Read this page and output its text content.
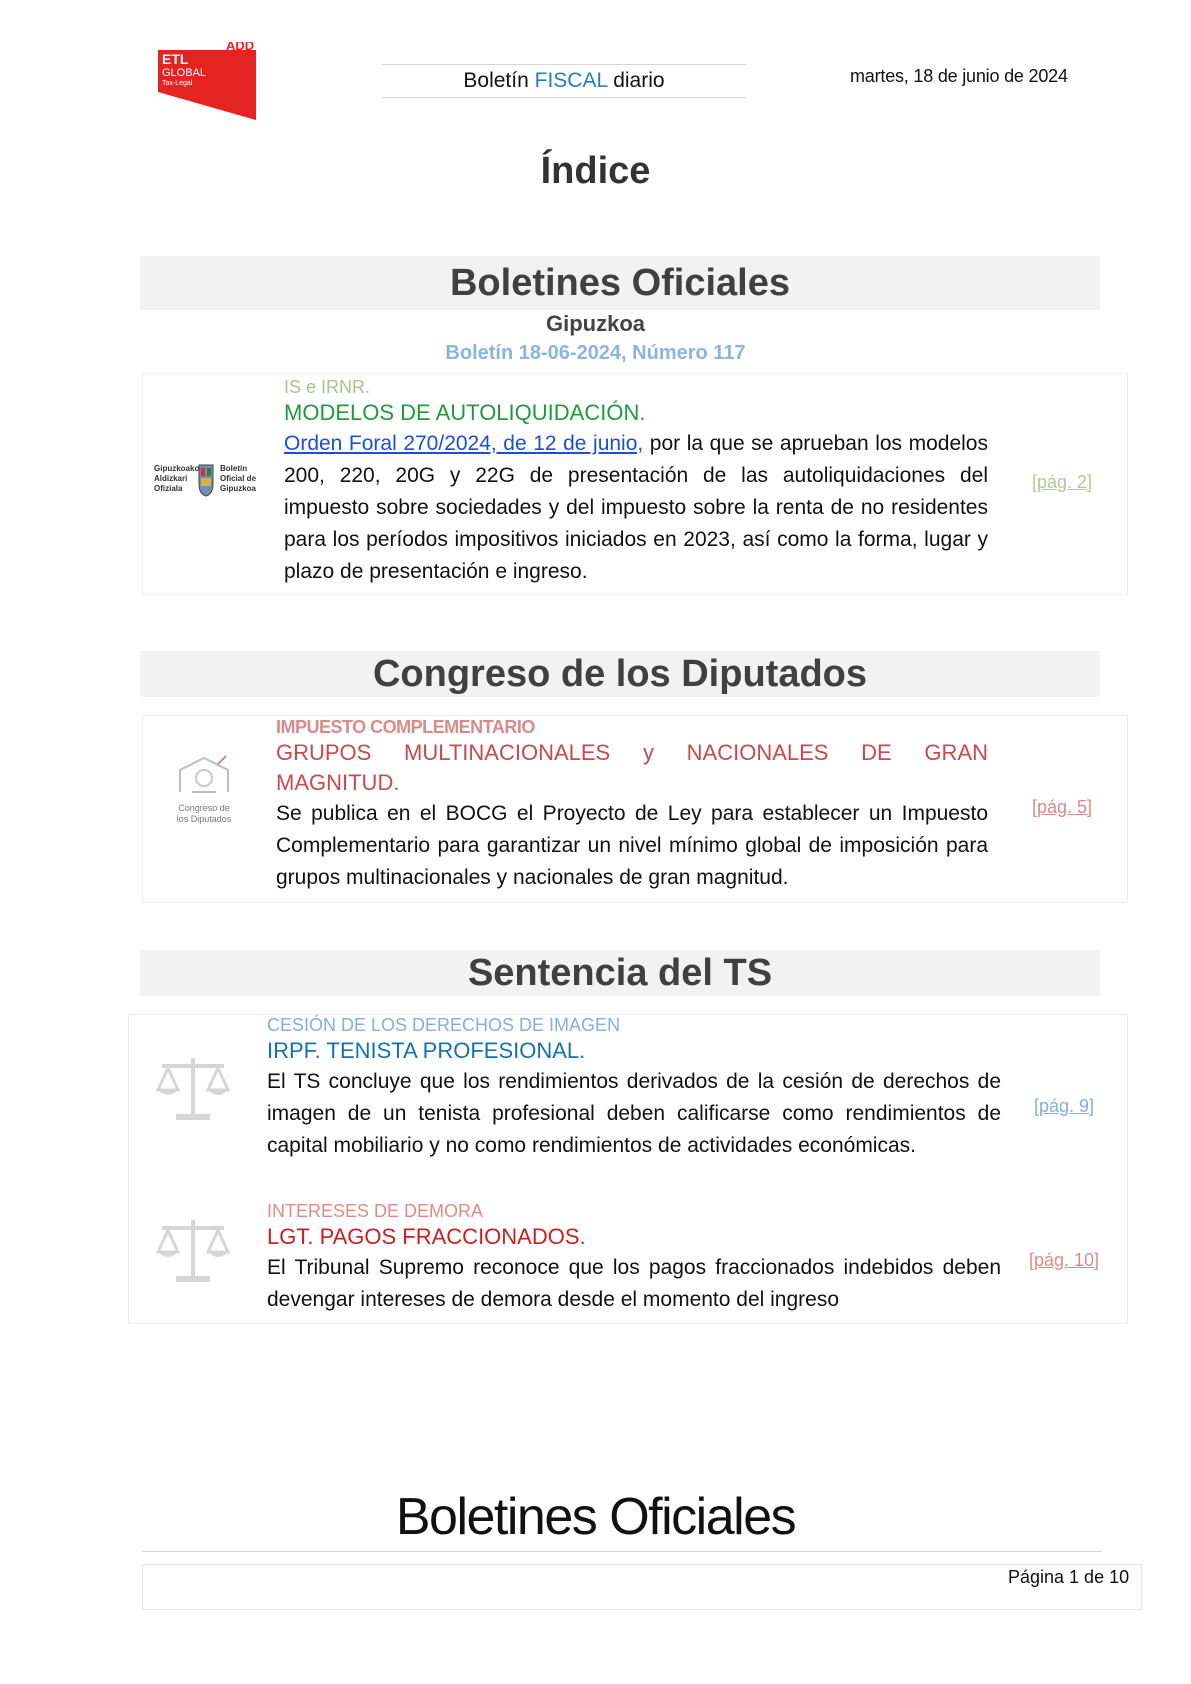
ADD
ETL
GLOBAL
Tax-Legal	Boletín FISCAL diario	martes, 18 de junio de 2024
Índice
Boletines Oficiales
Gipuzkoa
Boletín 18-06-2024, Número 117
Gipuzkoako
Aldizkari
Ofiziala
Boletín
Oficial de
Gipuzkoa
IS e IRNR.
MODELOS DE AUTOLIQUIDACIÓN.
Orden Foral 270/2024, de 12 de junio, por la que se aprueban los modelos 200, 220, 20G y 22G de presentación de las autoliquidaciones del impuesto sobre sociedades y del impuesto sobre la renta de no residentes para los períodos impositivos iniciados en 2023, así como la forma, lugar y plazo de presentación e ingreso.
[pág. 2]
Congreso de los Diputados
Congreso de
los Diputados
IMPUESTO COMPLEMENTARIO
GRUPOS MULTINACIONALES y NACIONALES DE GRAN
MAGNITUD.
Se publica en el BOCG el Proyecto de Ley para establecer un Impuesto Complementario para garantizar un nivel mínimo global de imposición para grupos multinacionales y nacionales de gran magnitud.
[pág. 5]
Sentencia del TS
CESIÓN DE LOS DERECHOS DE IMAGEN
IRPF. TENISTA PROFESIONAL.
El TS concluye que los rendimientos derivados de la cesión de derechos de imagen de un tenista profesional deben calificarse como rendimientos de capital mobiliario y no como rendimientos de actividades económicas.
[pág. 9]
INTERESES DE DEMORA
LGT. PAGOS FRACCIONADOS.
El Tribunal Supremo reconoce que los pagos fraccionados indebidos deben devengar intereses de demora desde el momento del ingreso
[pág. 10]
Boletines Oficiales
Página 1 de 10
